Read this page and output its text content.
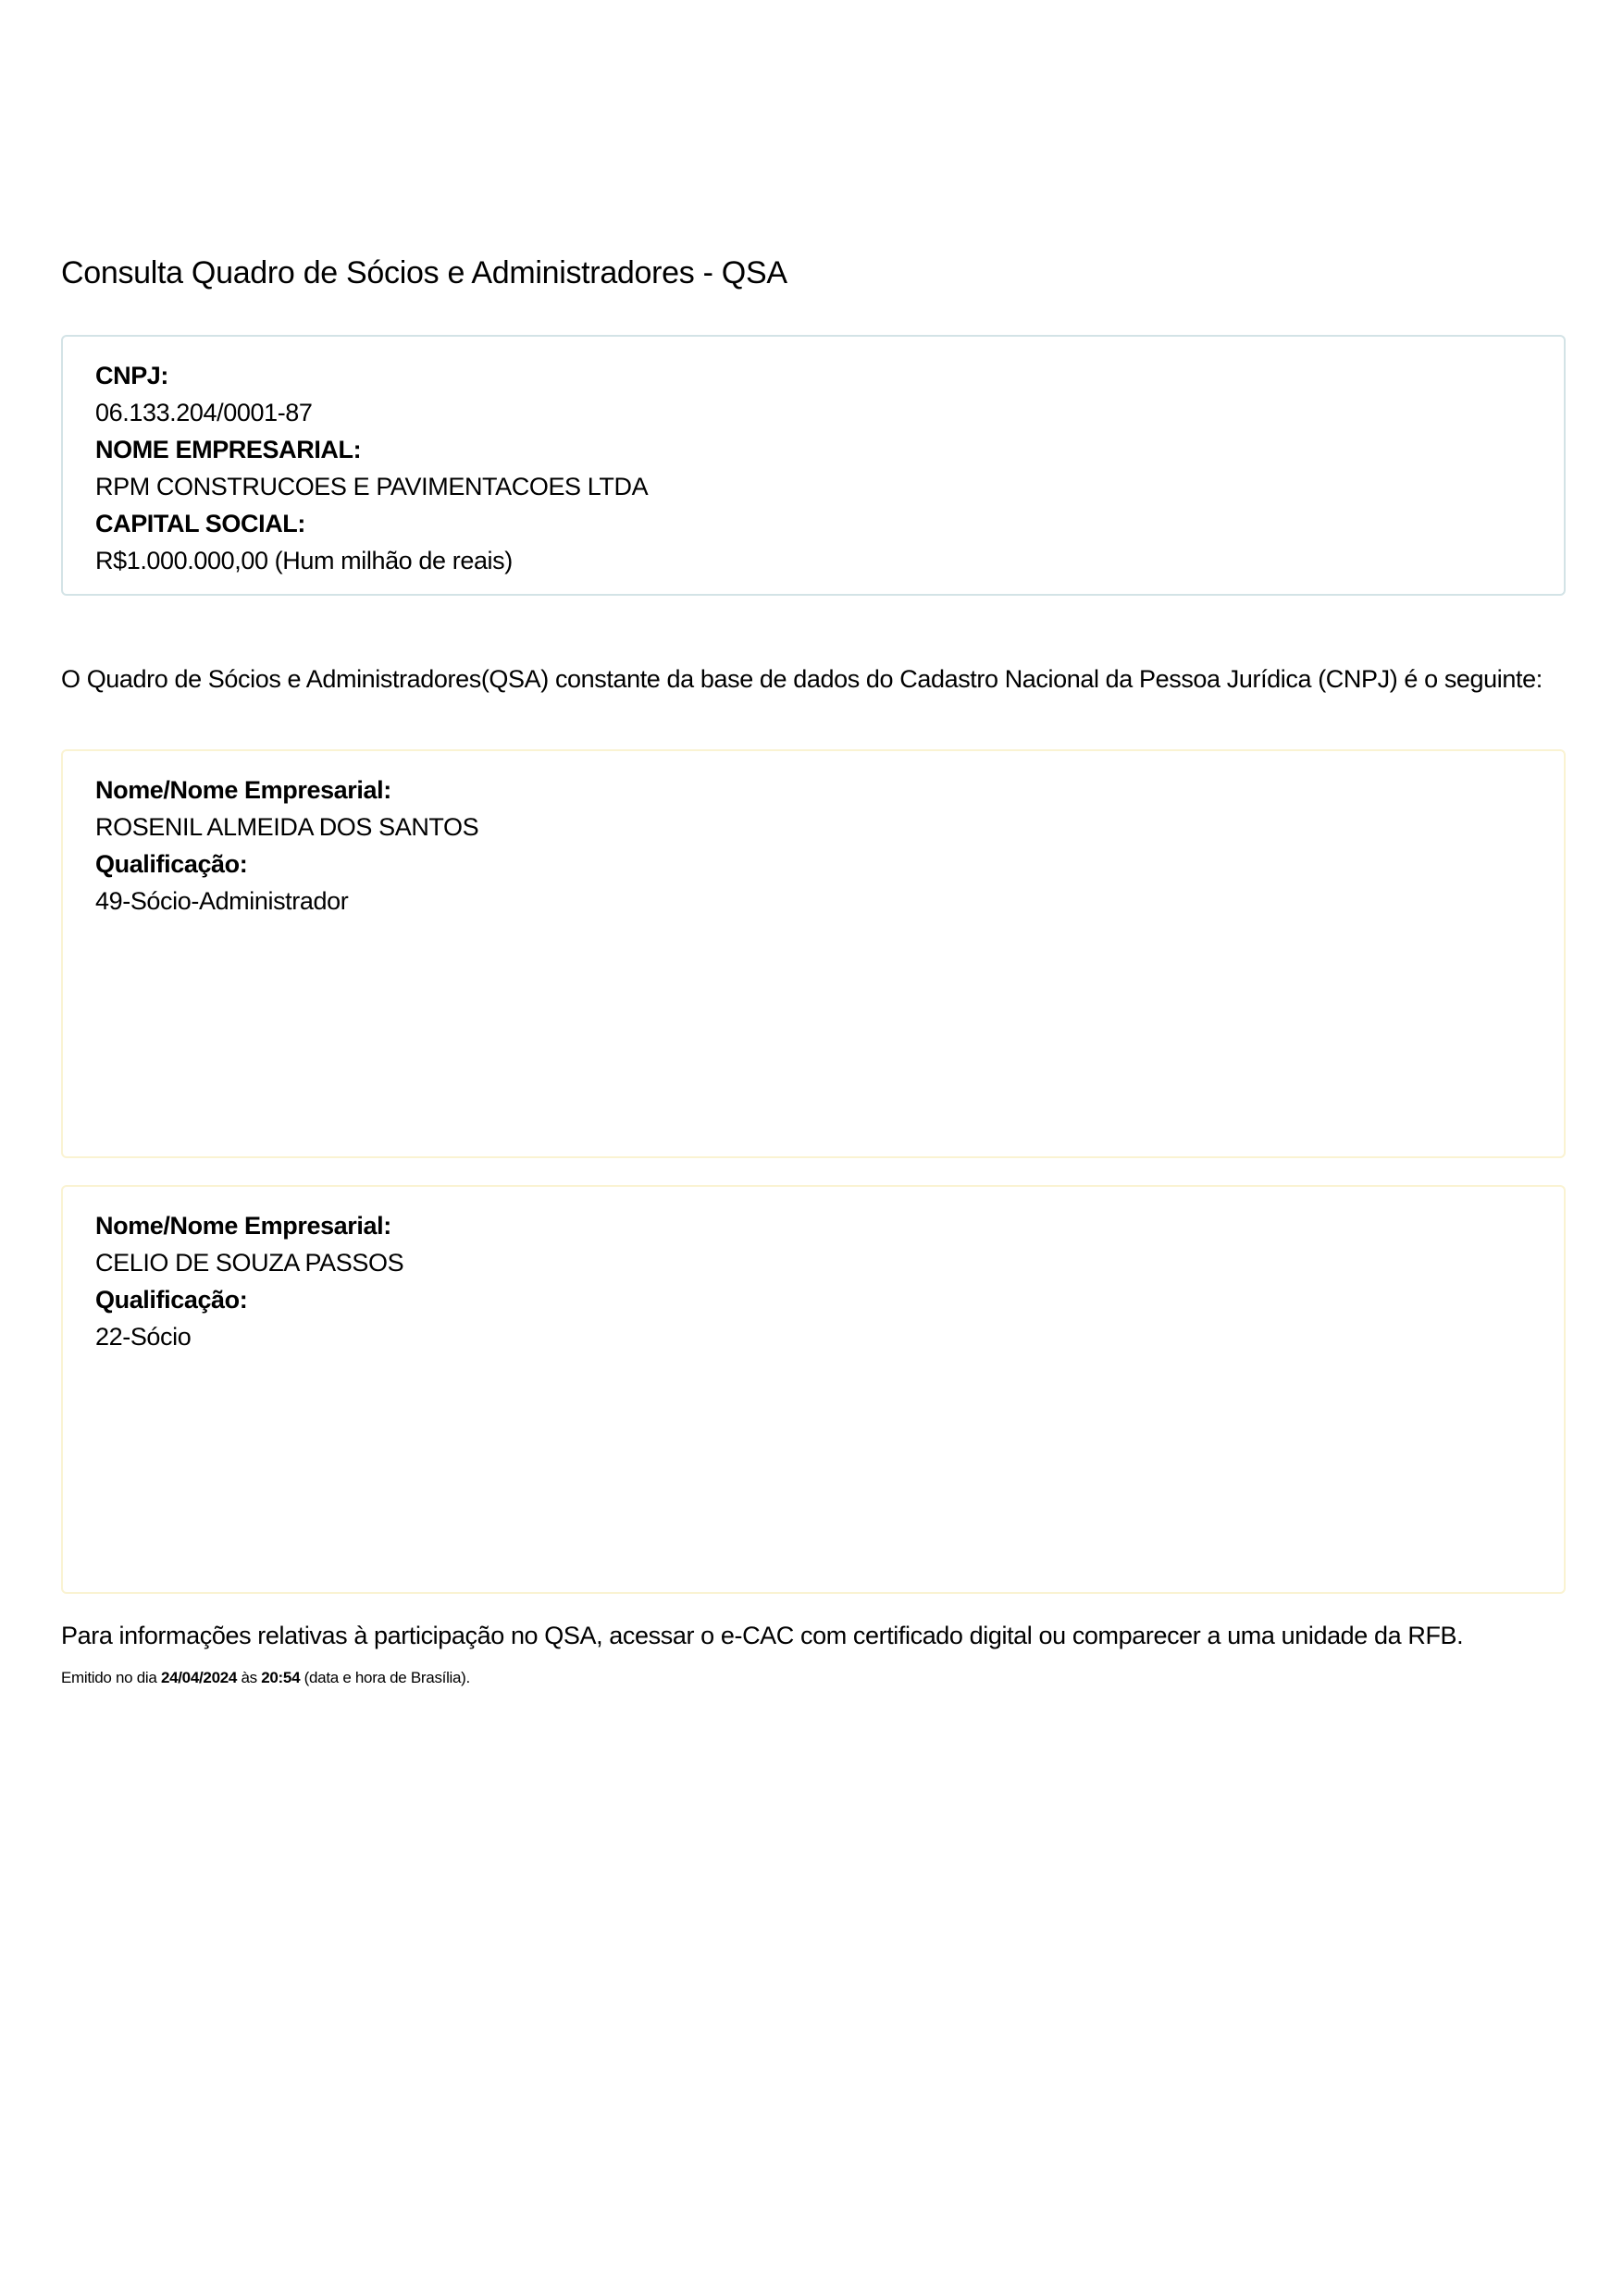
Consulta Quadro de Sócios e Administradores - QSA
CNPJ:
06.133.204/0001-87
NOME EMPRESARIAL:
RPM CONSTRUCOES E PAVIMENTACOES LTDA
CAPITAL SOCIAL:
R$1.000.000,00 (Hum milhão de reais)

O Quadro de Sócios e Administradores(QSA) constante da base de dados do Cadastro Nacional da Pessoa Jurídica (CNPJ) é o seguinte:

Nome/Nome Empresarial:
ROSENIL ALMEIDA DOS SANTOS
Qualificação:
49-Sócio-Administrador
Nome/Nome Empresarial:
CELIO DE SOUZA PASSOS
Qualificação:
22-Sócio

Para informações relativas à participação no QSA, acessar o e-CAC com certificado digital ou comparecer a uma unidade da RFB.

Emitido no dia 24/04/2024 às 20:54 (data e hora de Brasília).
